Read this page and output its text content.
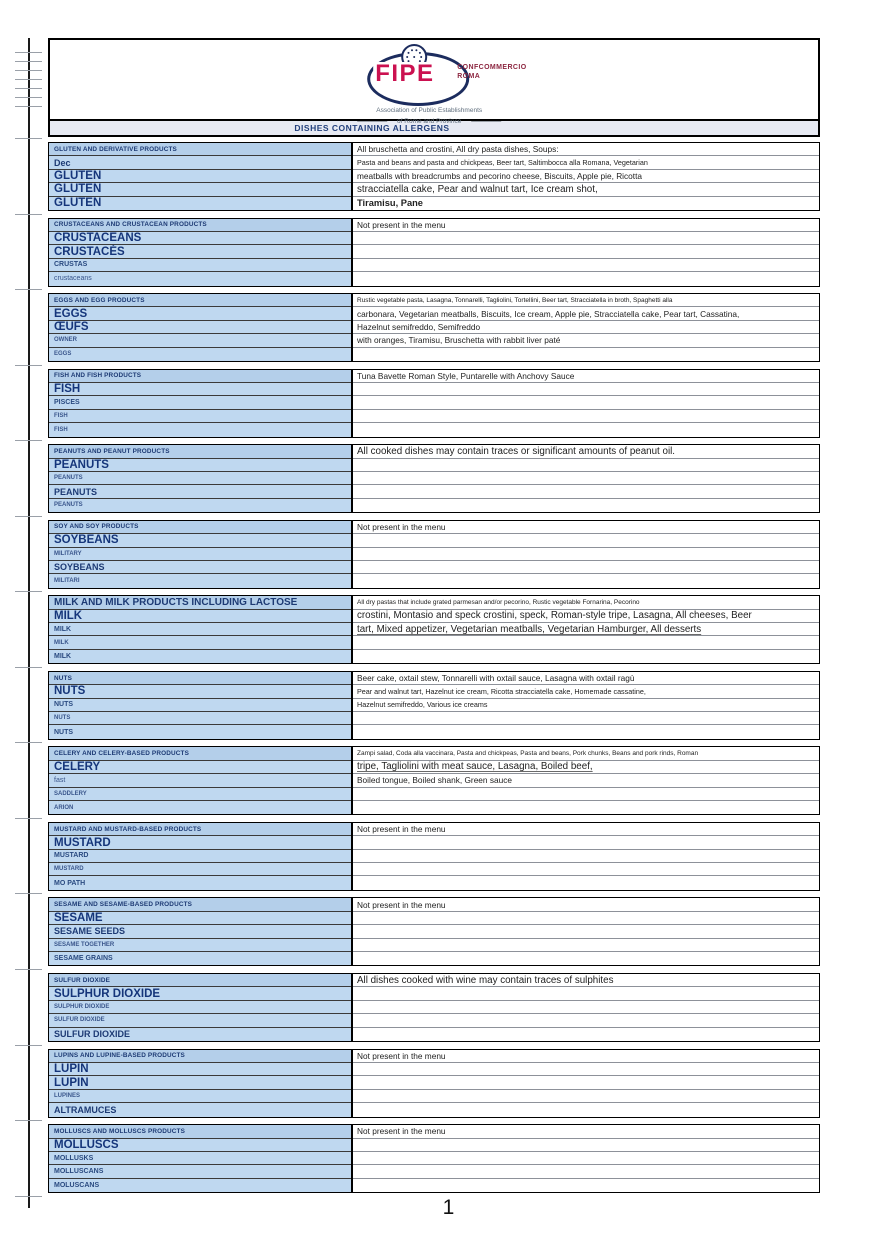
FIPE	CONFCOMMERCIO
ROMA
Association of Public Establishments
of Rome and Province
DISHES CONTAINING ALLERGENS
GLUTEN AND DERIVATIVE PRODUCTS
Dec
GLUTEN
GLUTEN
GLUTEN
All bruschetta and crostini, All dry pasta dishes, Soups:
Pasta and beans and pasta and chickpeas, Beer tart, Saltimbocca alla Romana, Vegetarian
meatballs with breadcrumbs and pecorino cheese, Biscuits, Apple pie, Ricotta
stracciatella cake, Pear and walnut tart, Ice cream shot,
Tiramisu, Pane
CRUSTACEANS AND CRUSTACEAN PRODUCTS
CRUSTACEANS
CRUSTACÉS
CRUSTAS
crustaceans
Not present in the menu
EGGS AND EGG PRODUCTS
EGGS
ŒUFS
OWNER
EGGS
Rustic vegetable pasta, Lasagna, Tonnarelli, Tagliolini, Tortellini, Beer tart, Stracciatella in broth, Spaghetti alla
carbonara, Vegetarian meatballs, Biscuits, Ice cream, Apple pie, Stracciatella cake, Pear tart, Cassatina,
Hazelnut semifreddo, Semifreddo
with oranges, Tiramisu, Bruschetta with rabbit liver paté
FISH AND FISH PRODUCTS
FISH
PISCES
FISH
FISH
Tuna Bavette Roman Style, Puntarelle with Anchovy Sauce
PEANUTS AND PEANUT PRODUCTS
PEANUTS
PEANUTS
PEANUTS
PEANUTS
All cooked dishes may contain traces or significant amounts of peanut oil.
SOY AND SOY PRODUCTS
SOYBEANS
MILITARY
SOYBEANS
MILITARI
Not present in the menu
MILK AND MILK PRODUCTS INCLUDING LACTOSE
MILK
MILK
MILK
MILK
All dry pastas that include grated parmesan and/or pecorino, Rustic vegetable Fornarina, Pecorino
crostini, Montasio and speck crostini, speck, Roman-style tripe, Lasagna, All cheeses, Beer
tart, Mixed appetizer, Vegetarian meatballs, Vegetarian Hamburger, All desserts
NUTS
NUTS
NUTS
NUTS
NUTS
Beer cake, oxtail stew, Tonnarelli with oxtail sauce, Lasagna with oxtail ragù
Pear and walnut tart, Hazelnut ice cream, Ricotta stracciatella cake, Homemade cassatine,
Hazelnut semifreddo, Various ice creams
CELERY AND CELERY-BASED PRODUCTS
CELERY
fast
SADDLERY
ARION
Zampi salad, Coda alla vaccinara, Pasta and chickpeas, Pasta and beans, Pork chunks, Beans and pork rinds, Roman
tripe, Tagliolini with meat sauce, Lasagna, Boiled beef,
Boiled tongue, Boiled shank, Green sauce
MUSTARD AND MUSTARD-BASED PRODUCTS
MUSTARD
MUSTARD
MUSTARD
MO PATH
Not present in the menu
SESAME AND SESAME-BASED PRODUCTS
SESAME
SESAME SEEDS
SESAME TOGETHER
SESAME GRAINS
Not present in the menu
SULFUR DIOXIDE
SULPHUR DIOXIDE
SULPHUR DIOXIDE
SULFUR DIOXIDE
SULFUR DIOXIDE
All dishes cooked with wine may contain traces of sulphites
LUPINS AND LUPINE-BASED PRODUCTS
LUPIN
LUPIN
LUPINES
ALTRAMUCES
Not present in the menu
MOLLUSCS AND MOLLUSCS PRODUCTS
MOLLUSCS
MOLLUSKS
MOLLUSCANS
MOLUSCANS
Not present in the menu
1
